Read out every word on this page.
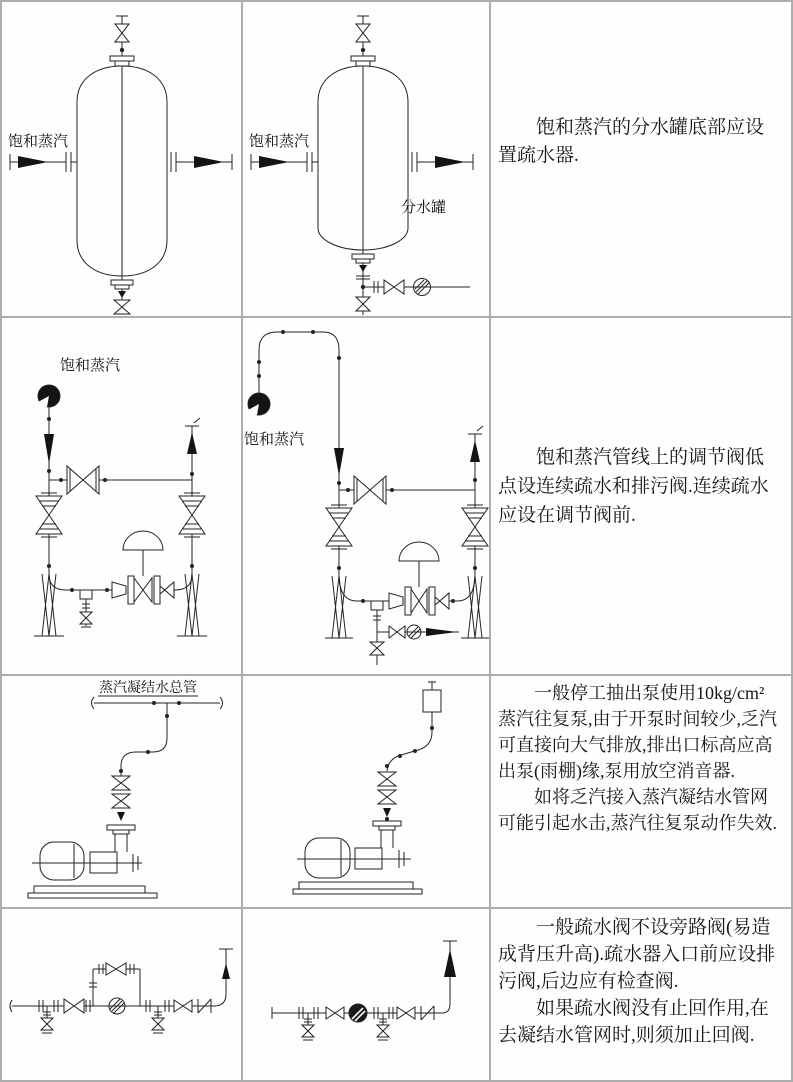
饱和蒸汽	饱和蒸汽
分水罐

饱和蒸汽的分水罐底部应设置疏水器.

饱和蒸汽
饱和蒸汽

饱和蒸汽管线上的调节阀低点设连续疏水和排污阀.连续疏水应设在调节阀前.

蒸汽凝结水总管	一般停工抽出泵使用10kg/cm²蒸汽往复泵,由于开泵时间较少,乏汽可直接向大气排放,排出口标高应高出泵(雨棚)缘,泵用放空消音器.

如将乏汽接入蒸汽凝结水管网可能引起水击,蒸汽往复泵动作失效.

一般疏水阀不设旁路阀(易造成背压升高).疏水器入口前应设排污阀,后边应有检查阀.

如果疏水阀没有止回作用,在去凝结水管网时,则须加止回阀.
